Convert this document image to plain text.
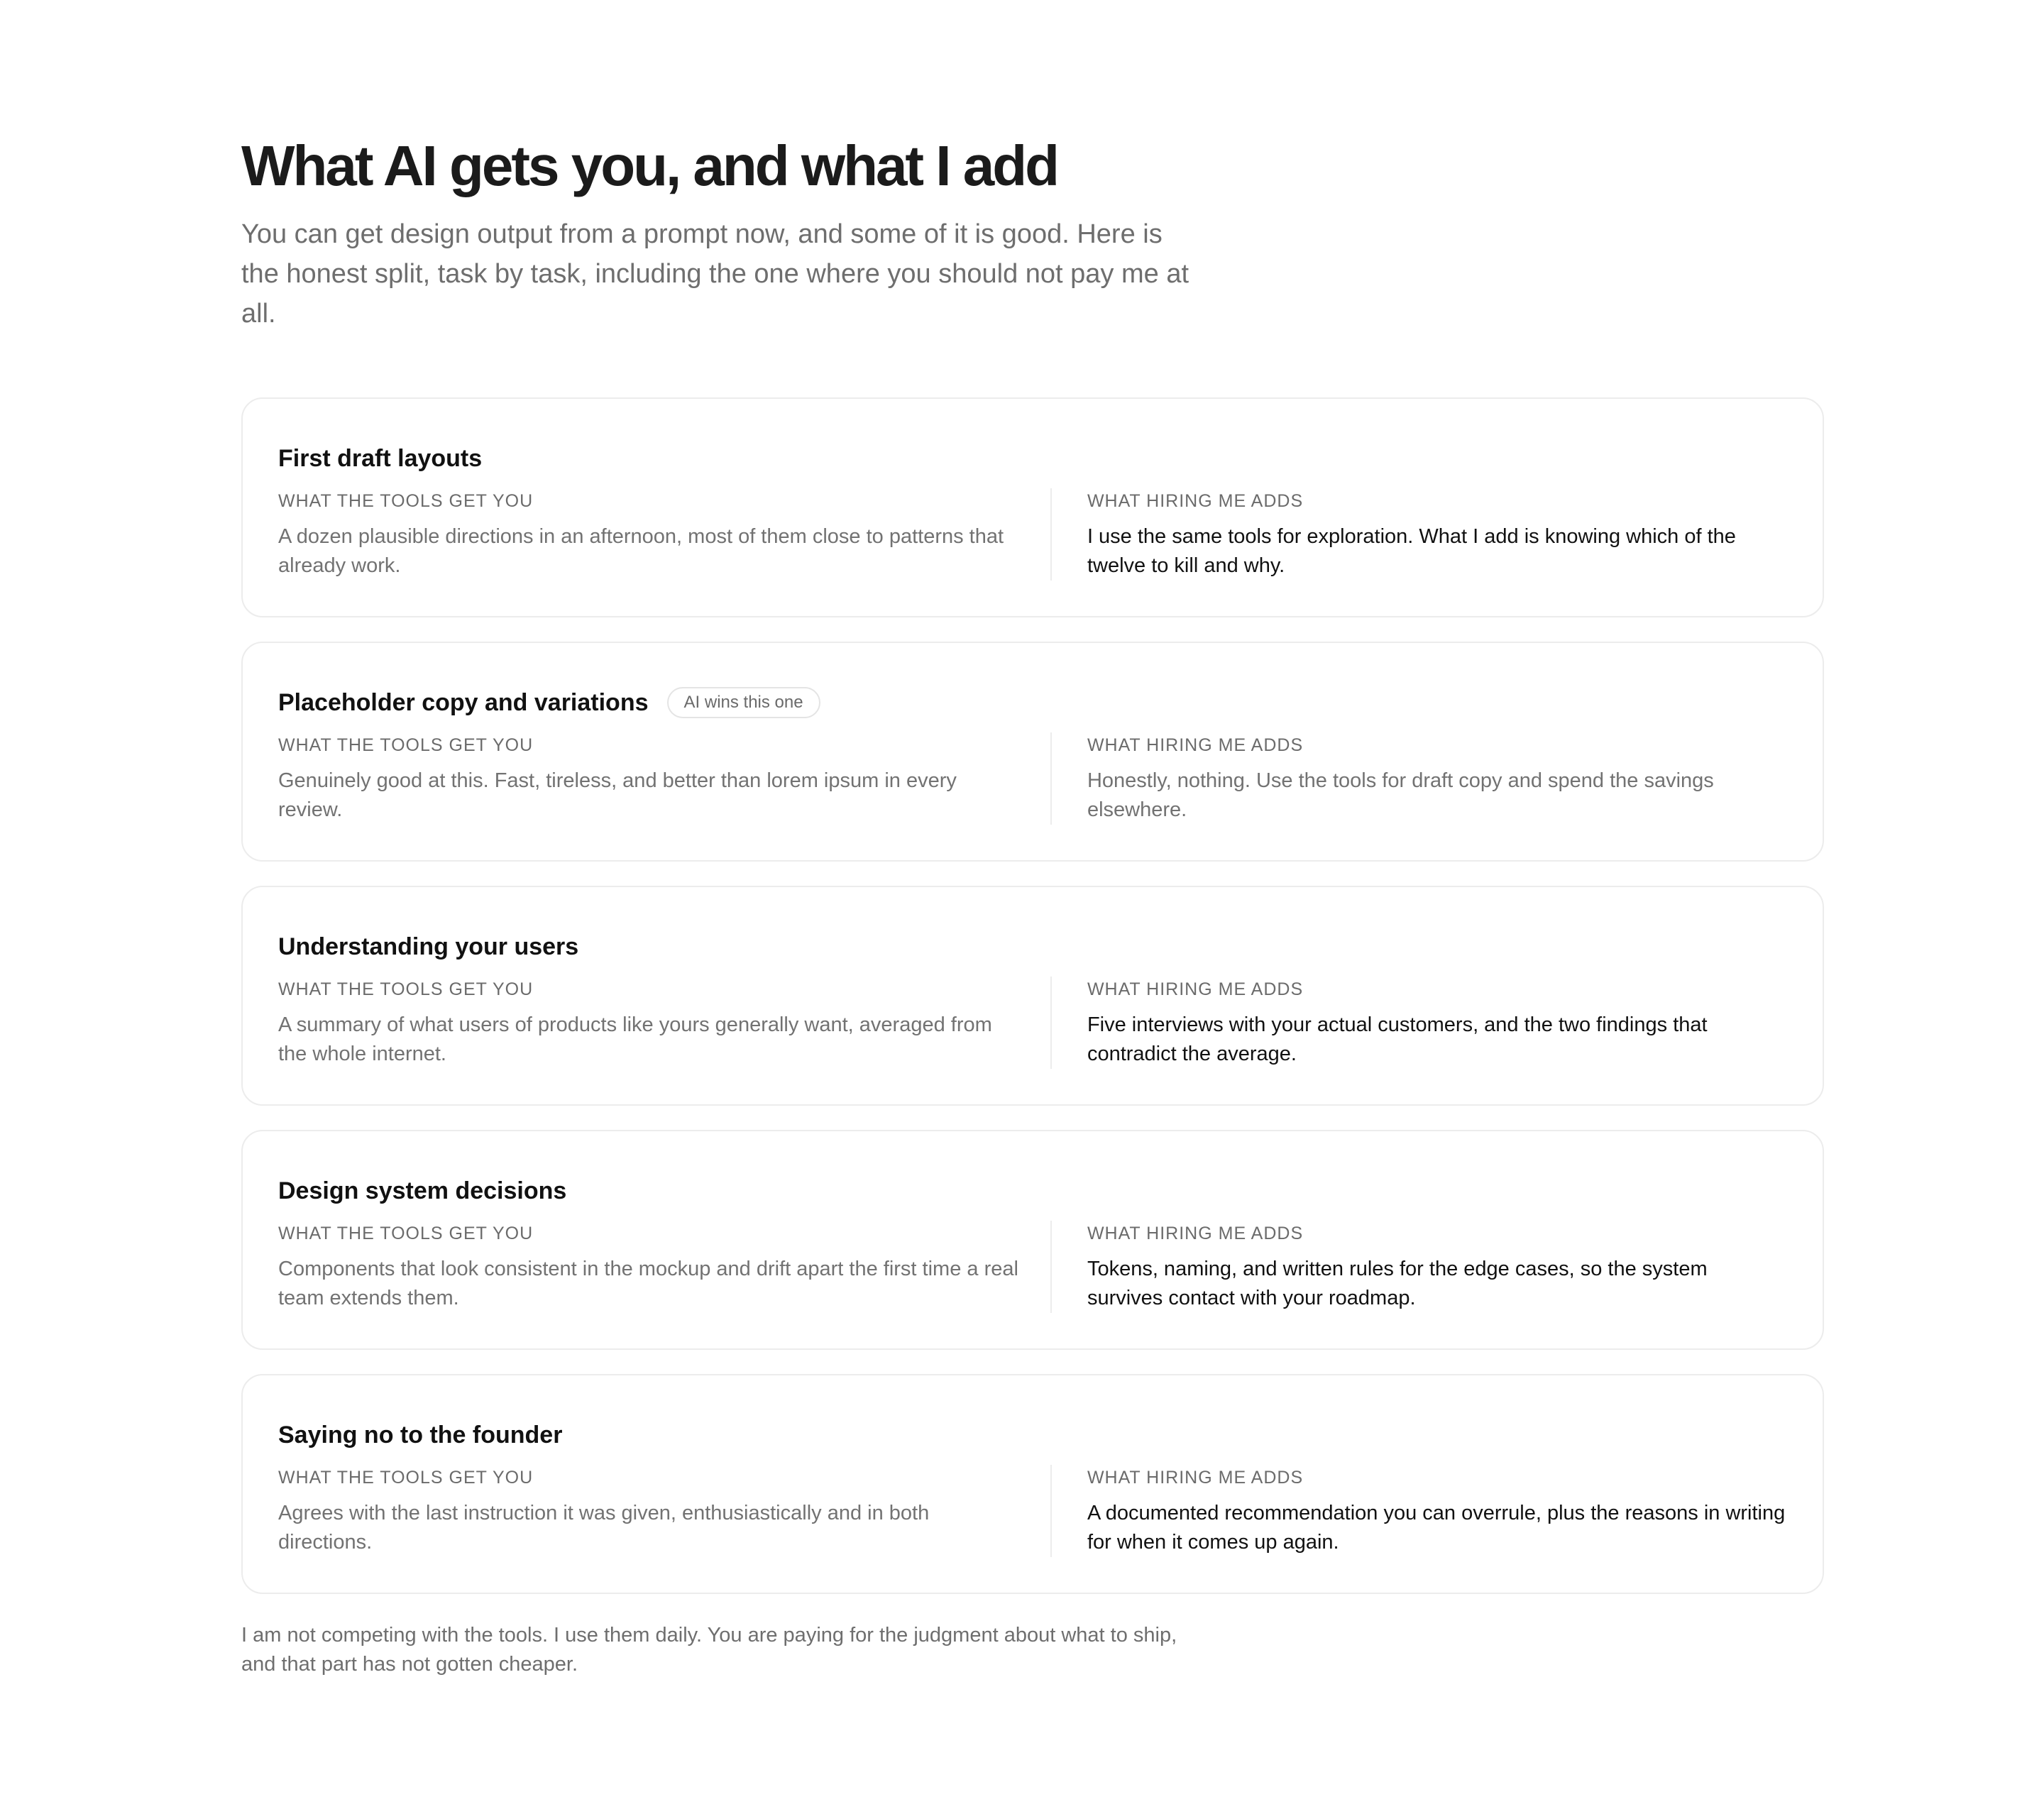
What AI gets you, and what I add

You can get design output from a prompt now, and some of it is good. Here is the honest split, task by task, including the one where you should not pay me at all.

First draft layouts
WHAT THE TOOLS GET YOU

A dozen plausible directions in an afternoon, most of them close to patterns that already work.

WHAT HIRING ME ADDS

I use the same tools for exploration. What I add is knowing which of the twelve to kill and why.

Placeholder copy and variations	AI wins this one
WHAT THE TOOLS GET YOU

Genuinely good at this. Fast, tireless, and better than lorem ipsum in every review.

WHAT HIRING ME ADDS

Honestly, nothing. Use the tools for draft copy and spend the savings elsewhere.

Understanding your users
WHAT THE TOOLS GET YOU

A summary of what users of products like yours generally want, averaged from the whole internet.

WHAT HIRING ME ADDS

Five interviews with your actual customers, and the two findings that contradict the average.

Design system decisions
WHAT THE TOOLS GET YOU

Components that look consistent in the mockup and drift apart the first time a real team extends them.

WHAT HIRING ME ADDS

Tokens, naming, and written rules for the edge cases, so the system survives contact with your roadmap.

Saying no to the founder
WHAT THE TOOLS GET YOU

Agrees with the last instruction it was given, enthusiastically and in both directions.

WHAT HIRING ME ADDS

A documented recommendation you can overrule, plus the reasons in writing for when it comes up again.

I am not competing with the tools. I use them daily. You are paying for the judgment about what to ship, and that part has not gotten cheaper.
